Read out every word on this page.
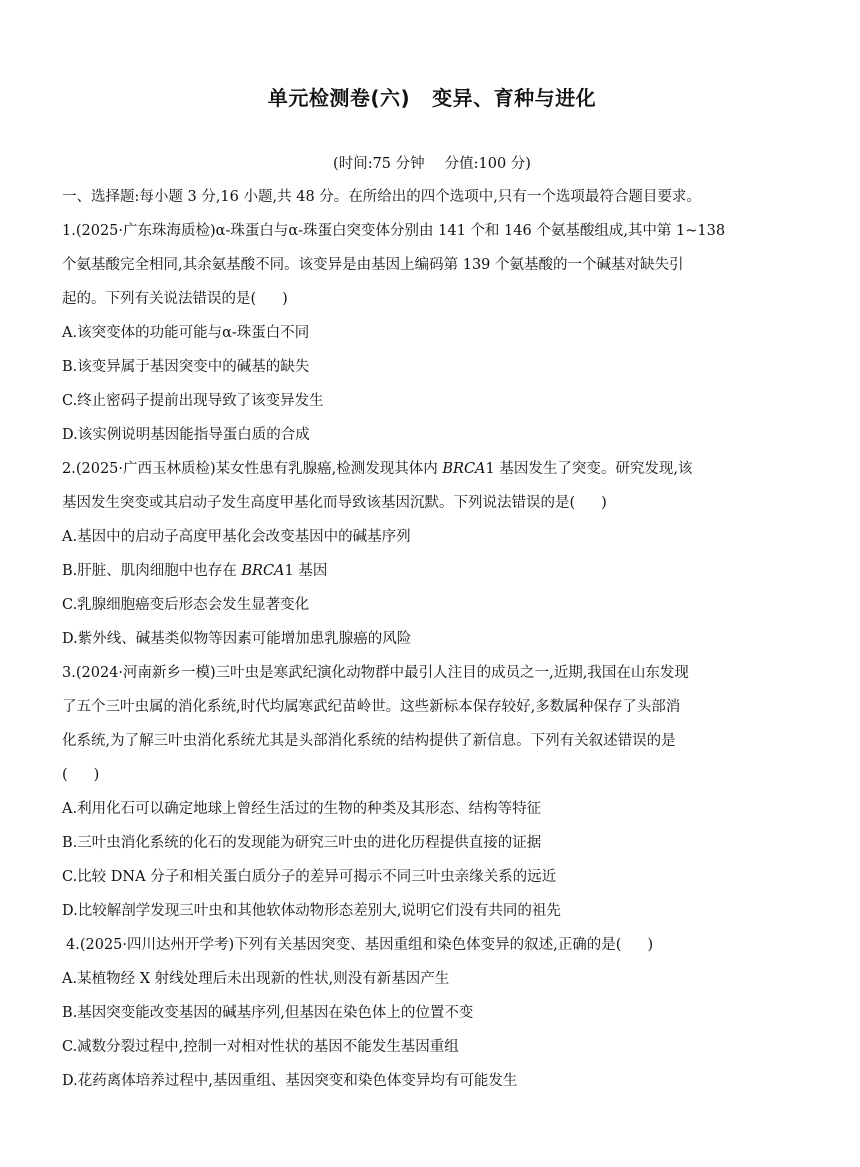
单元检测卷(六) 变异、育种与进化
(时间:75 分钟 分值:100 分)
一、选择题:每小题 3 分,16 小题,共 48 分。在所给出的四个选项中,只有一个选项最符合题目要求。
1.(2025·广东珠海质检)α-珠蛋白与α-珠蛋白突变体分别由 141 个和 146 个氨基酸组成,其中第 1~138
个氨基酸完全相同,其余氨基酸不同。该变异是由基因上编码第 139 个氨基酸的一个碱基对缺失引
起的。下列有关说法错误的是( )
A.该突变体的功能可能与α-珠蛋白不同
B.该变异属于基因突变中的碱基的缺失
C.终止密码子提前出现导致了该变异发生
D.该实例说明基因能指导蛋白质的合成
2.(2025·广西玉林质检)某女性患有乳腺癌,检测发现其体内 BRCA1 基因发生了突变。研究发现,该
基因发生突变或其启动子发生高度甲基化而导致该基因沉默。下列说法错误的是( )
A.基因中的启动子高度甲基化会改变基因中的碱基序列
B.肝脏、肌肉细胞中也存在 BRCA1 基因
C.乳腺细胞癌变后形态会发生显著变化
D.紫外线、碱基类似物等因素可能增加患乳腺癌的风险
3.(2024·河南新乡一模)三叶虫是寒武纪演化动物群中最引人注目的成员之一,近期,我国在山东发现
了五个三叶虫属的消化系统,时代均属寒武纪苗岭世。这些新标本保存较好,多数属种保存了头部消
化系统,为了解三叶虫消化系统尤其是头部消化系统的结构提供了新信息。下列有关叙述错误的是
( )
A.利用化石可以确定地球上曾经生活过的生物的种类及其形态、结构等特征
B.三叶虫消化系统的化石的发现能为研究三叶虫的进化历程提供直接的证据
C.比较 DNA 分子和相关蛋白质分子的差异可揭示不同三叶虫亲缘关系的远近
D.比较解剖学发现三叶虫和其他软体动物形态差别大,说明它们没有共同的祖先
4.(2025·四川达州开学考)下列有关基因突变、基因重组和染色体变异的叙述,正确的是( )
A.某植物经 X 射线处理后未出现新的性状,则没有新基因产生
B.基因突变能改变基因的碱基序列,但基因在染色体上的位置不变
C.减数分裂过程中,控制一对相对性状的基因不能发生基因重组
D.花药离体培养过程中,基因重组、基因突变和染色体变异均有可能发生
